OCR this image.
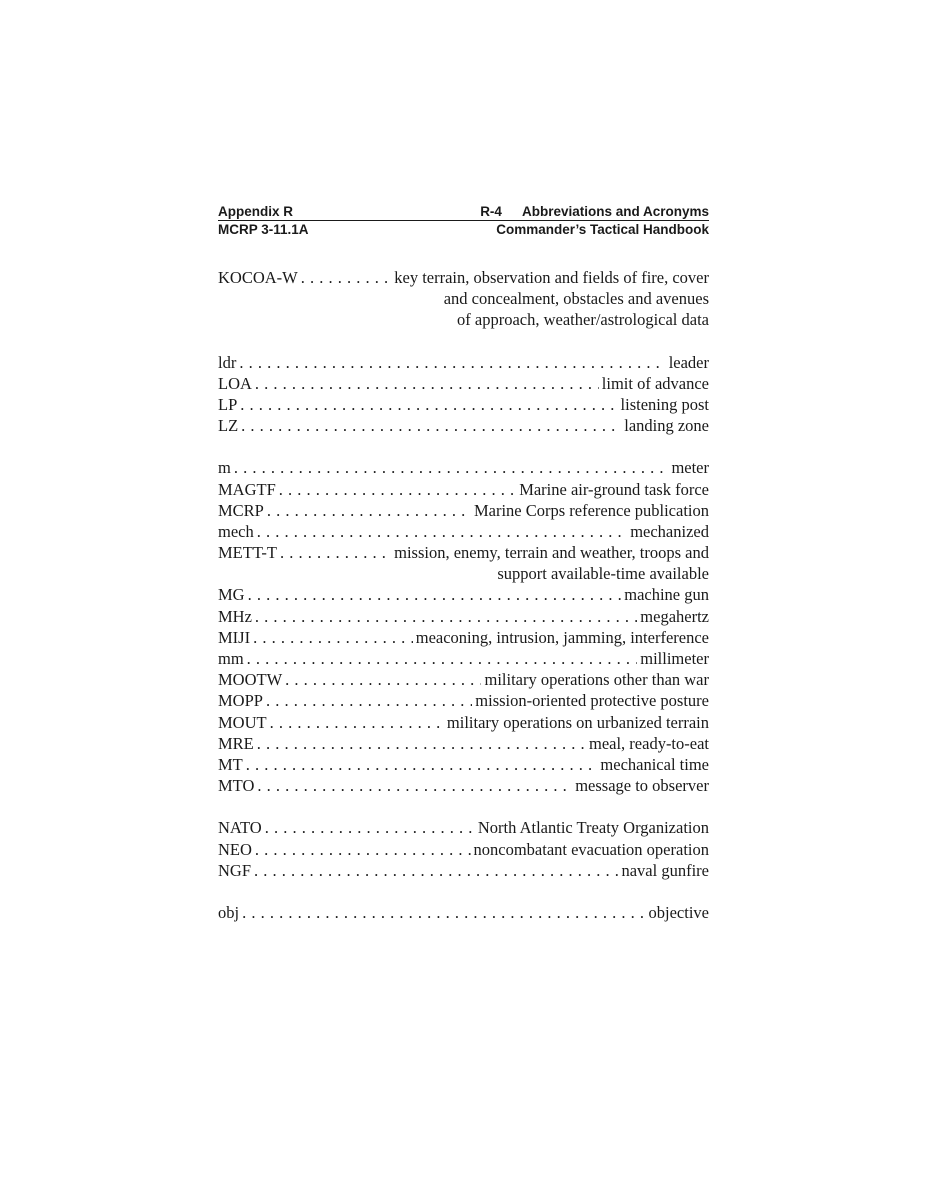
Appendix R	R-4 Abbreviations and Acronyms
MCRP 3-11.1A	Commander’s Tactical Handbook
KOCOA-W . . .	key terrain, observation and fields of fire, cover
and concealment, obstacles and avenues
of approach, weather/astrological data
ldr . . .	leader
LOA . . .	limit of advance
LP . . .	listening post
LZ . . .	landing zone
m . . .	meter
MAGTF . . .	Marine air-ground task force
MCRP . . .	Marine Corps reference publication
mech . . .	mechanized
METT-T . . .	mission, enemy, terrain and weather, troops and
support available-time available
MG . . .	machine gun
MHz . . .	megahertz
MIJI . . .	meaconing, intrusion, jamming, interference
mm . . .	millimeter
MOOTW . . .	military operations other than war
MOPP . . .	mission-oriented protective posture
MOUT . . .	military operations on urbanized terrain
MRE . . .	meal, ready-to-eat
MT . . .	mechanical time
MTO . . .	message to observer
NATO . . .	North Atlantic Treaty Organization
NEO . . .	noncombatant evacuation operation
NGF . . .	naval gunfire
obj . . .	objective
